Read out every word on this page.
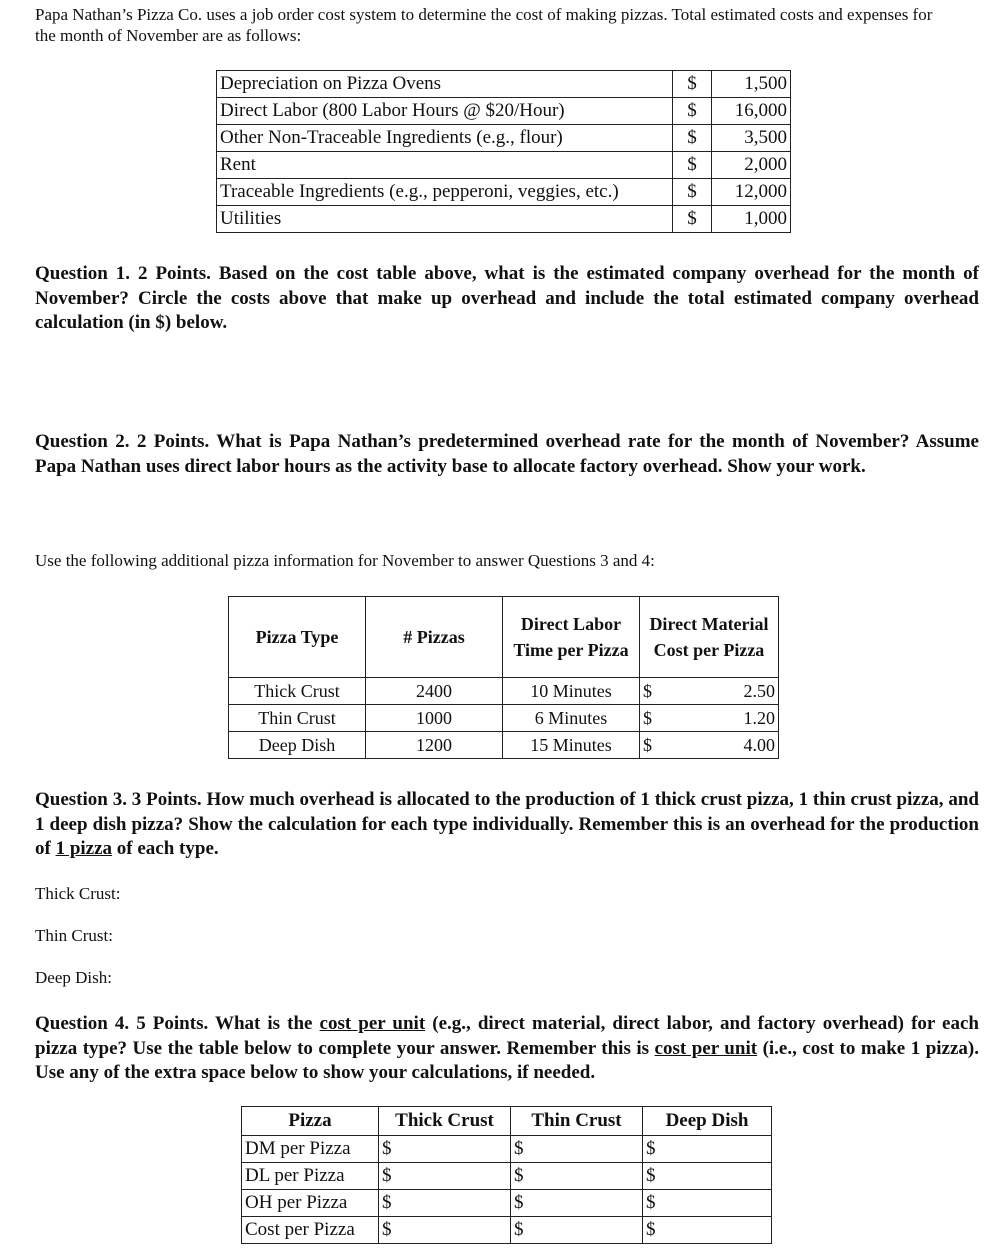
Papa Nathan’s Pizza Co. uses a job order cost system to determine the cost of making pizzas. Total estimated costs and expenses for the month of November are as follows:
Depreciation on Pizza Ovens	$	1,500
Direct Labor (800 Labor Hours @ $20/Hour)	$	16,000
Other Non-Traceable Ingredients (e.g., flour)	$	3,500
Rent	$	2,000
Traceable Ingredients (e.g., pepperoni, veggies, etc.)	$	12,000
Utilities	$	1,000
Question 1. 2 Points. Based on the cost table above, what is the estimated company overhead for the month of November? Circle the costs above that make up overhead and include the total estimated company overhead calculation (in $) below.
Question 2. 2 Points. What is Papa Nathan’s predetermined overhead rate for the month of November? Assume Papa Nathan uses direct labor hours as the activity base to allocate factory overhead. Show your work.
Use the following additional pizza information for November to answer Questions 3 and 4:
Pizza Type	# Pizzas	Direct Labor Time per Pizza	Direct Material Cost per Pizza	
Thick Crust	2400	10 Minutes	$	2.50
Thin Crust	1000	6 Minutes	$	1.20
Deep Dish	1200	15 Minutes	$	4.00
Question 3. 3 Points. How much overhead is allocated to the production of 1 thick crust pizza, 1 thin crust pizza, and 1 deep dish pizza? Show the calculation for each type individually. Remember this is an overhead for the production of 1 pizza of each type.
Thick Crust:
Thin Crust:
Deep Dish:
Question 4. 5 Points. What is the cost per unit (e.g., direct material, direct labor, and factory overhead) for each pizza type? Use the table below to complete your answer. Remember this is cost per unit (i.e., cost to make 1 pizza). Use any of the extra space below to show your calculations, if needed.
Pizza	Thick Crust	Thin Crust	Deep Dish
DM per Pizza	$	$	$
DL per Pizza	$	$	$
OH per Pizza	$	$	$
Cost per Pizza	$	$	$
